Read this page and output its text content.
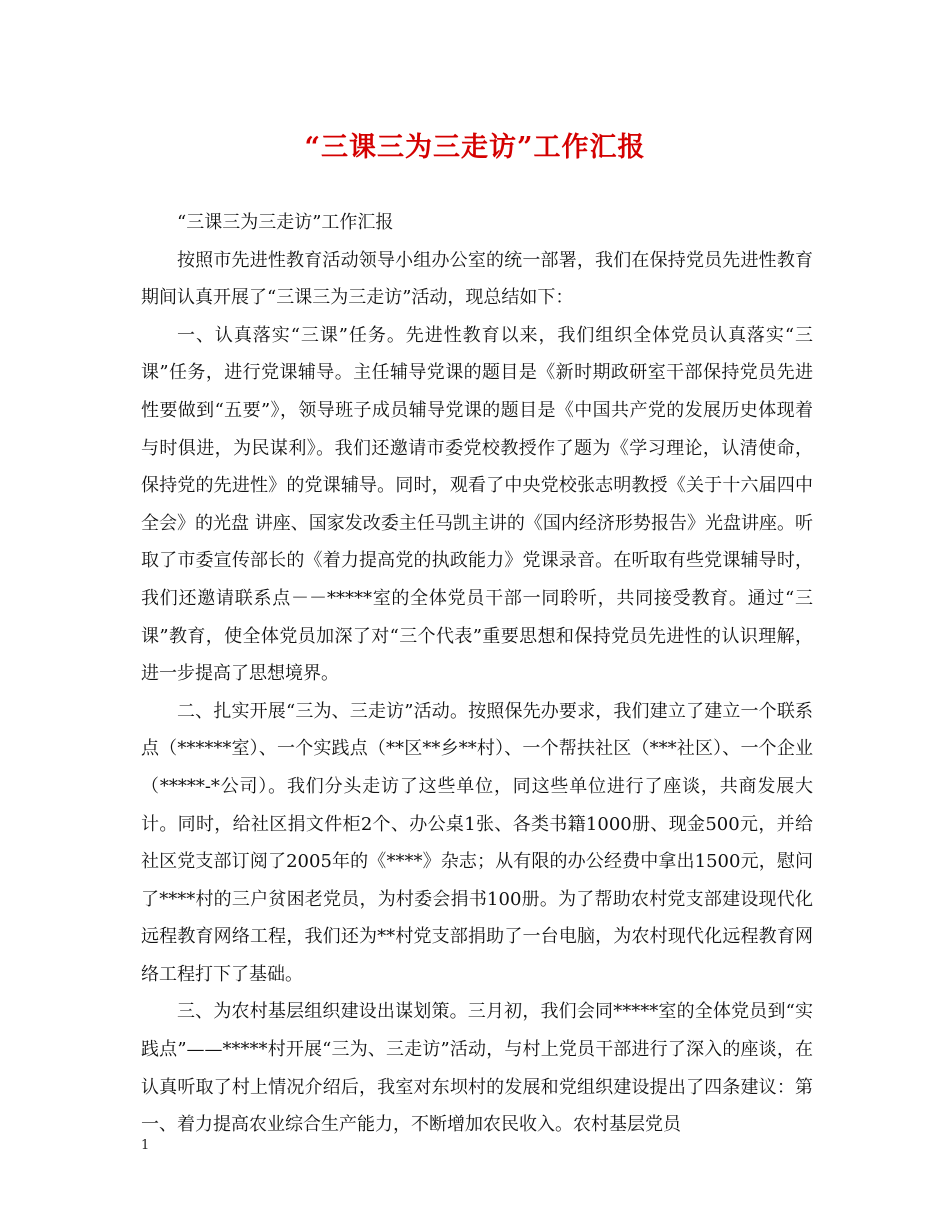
“三课三为三走访”工作汇报

“三课三为三走访”工作汇报

按照市先进性教育活动领导小组办公室的统一部署，我们在保持党员先进性教育期间认真开展了“三课三为三走访”活动，现总结如下：

一、认真落实“三课”任务。先进性教育以来，我们组织全体党员认真落实“三课”任务，进行党课辅导。主任辅导党课的题目是《新时期政研室干部保持党员先进性要做到“五要”》，领导班子成员辅导党课的题目是《中国共产党的发展历史体现着与时俱进，为民谋利》。我们还邀请市委党校教授作了题为《学习理论，认清使命，保持党的先进性》的党课辅导。同时，观看了中央党校张志明教授《关于十六届四中全会》的光盘 讲座、国家发改委主任马凯主讲的《国内经济形势报告》光盘讲座。听取了市委宣传部长的《着力提高党的执政能力》党课录音。在听取有些党课辅导时，我们还邀请联系点－－*****室的全体党员干部一同聆听，共同接受教育。通过“三课”教育，使全体党员加深了对“三个代表”重要思想和保持党员先进性的认识理解，进一步提高了思想境界。

二、扎实开展“三为、三走访”活动。按照保先办要求，我们建立了建立一个联系点（******室）、一个实践点（**区**乡**村）、一个帮扶社区（***社区）、一个企业（*****-*公司）。我们分头走访了这些单位，同这些单位进行了座谈，共商发展大计。同时，给社区捐文件柜2个、办公桌1张、各类书籍1000册、现金500元，并给社区党支部订阅了2005年的《****》杂志；从有限的办公经费中拿出1500元，慰问了****村的三户贫困老党员，为村委会捐书100册。为了帮助农村党支部建设现代化远程教育网络工程，我们还为**村党支部捐助了一台电脑，为农村现代化远程教育网络工程打下了基础。

三、为农村基层组织建设出谋划策。三月初，我们会同*****室的全体党员到“实践点”——*****村开展“三为、三走访”活动，与村上党员干部进行了深入的座谈，在认真听取了村上情况介绍后，我室对东坝村的发展和党组织建设提出了四条建议：第一、着力提高农业综合生产能力，不断增加农民收入。农村基层党员

1
